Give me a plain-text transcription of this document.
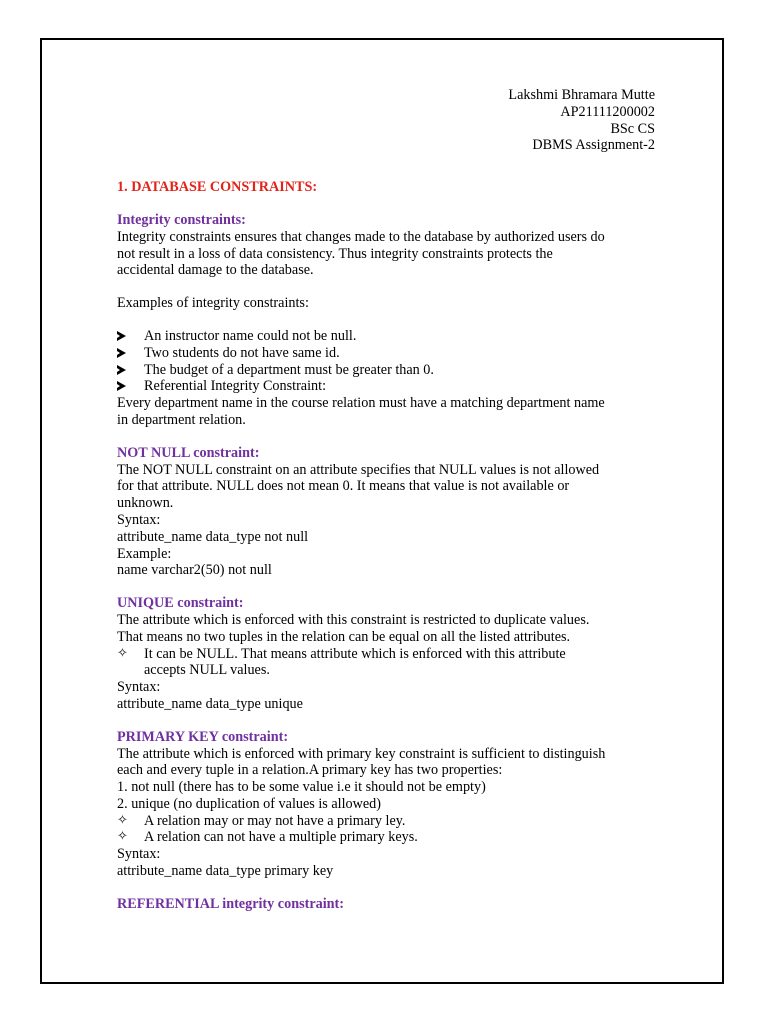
Lakshmi Bhramara Mutte
AP21111200002
BSc CS
DBMS Assignment-2

1. DATABASE CONSTRAINTS:

Integrity constraints:

Integrity constraints ensures that changes made to the database by authorized users do

not result in a loss of data consistency. Thus integrity constraints protects the

accidental damage to the database.

Examples of integrity constraints:

An instructor name could not be null.
Two students do not have same id.
The budget of a department must be greater than 0.
Referential Integrity Constraint:

Every department name in the course relation must have a matching department name

in department relation.

NOT NULL constraint:

The NOT NULL constraint on an attribute specifies that NULL values is not allowed

for that attribute. NULL does not mean 0. It means that value is not available or

unknown.

Syntax:

attribute_name data_type not null

Example:

name varchar2(50) not null

UNIQUE constraint:

The attribute which is enforced with this constraint is restricted to duplicate values.

That means no two tuples in the relation can be equal on all the listed attributes.

✧ It can be NULL. That means attribute which is enforced with this attribute
accepts NULL values.

Syntax:

attribute_name data_type unique

PRIMARY KEY constraint:

The attribute which is enforced with primary key constraint is sufficient to distinguish

each and every tuple in a relation.A primary key has two properties:

1. not null (there has to be some value i.e it should not be empty)

2. unique (no duplication of values is allowed)

✧ A relation may or may not have a primary ley.
✧ A relation can not have a multiple primary keys.

Syntax:

attribute_name data_type primary key

REFERENTIAL integrity constraint:
